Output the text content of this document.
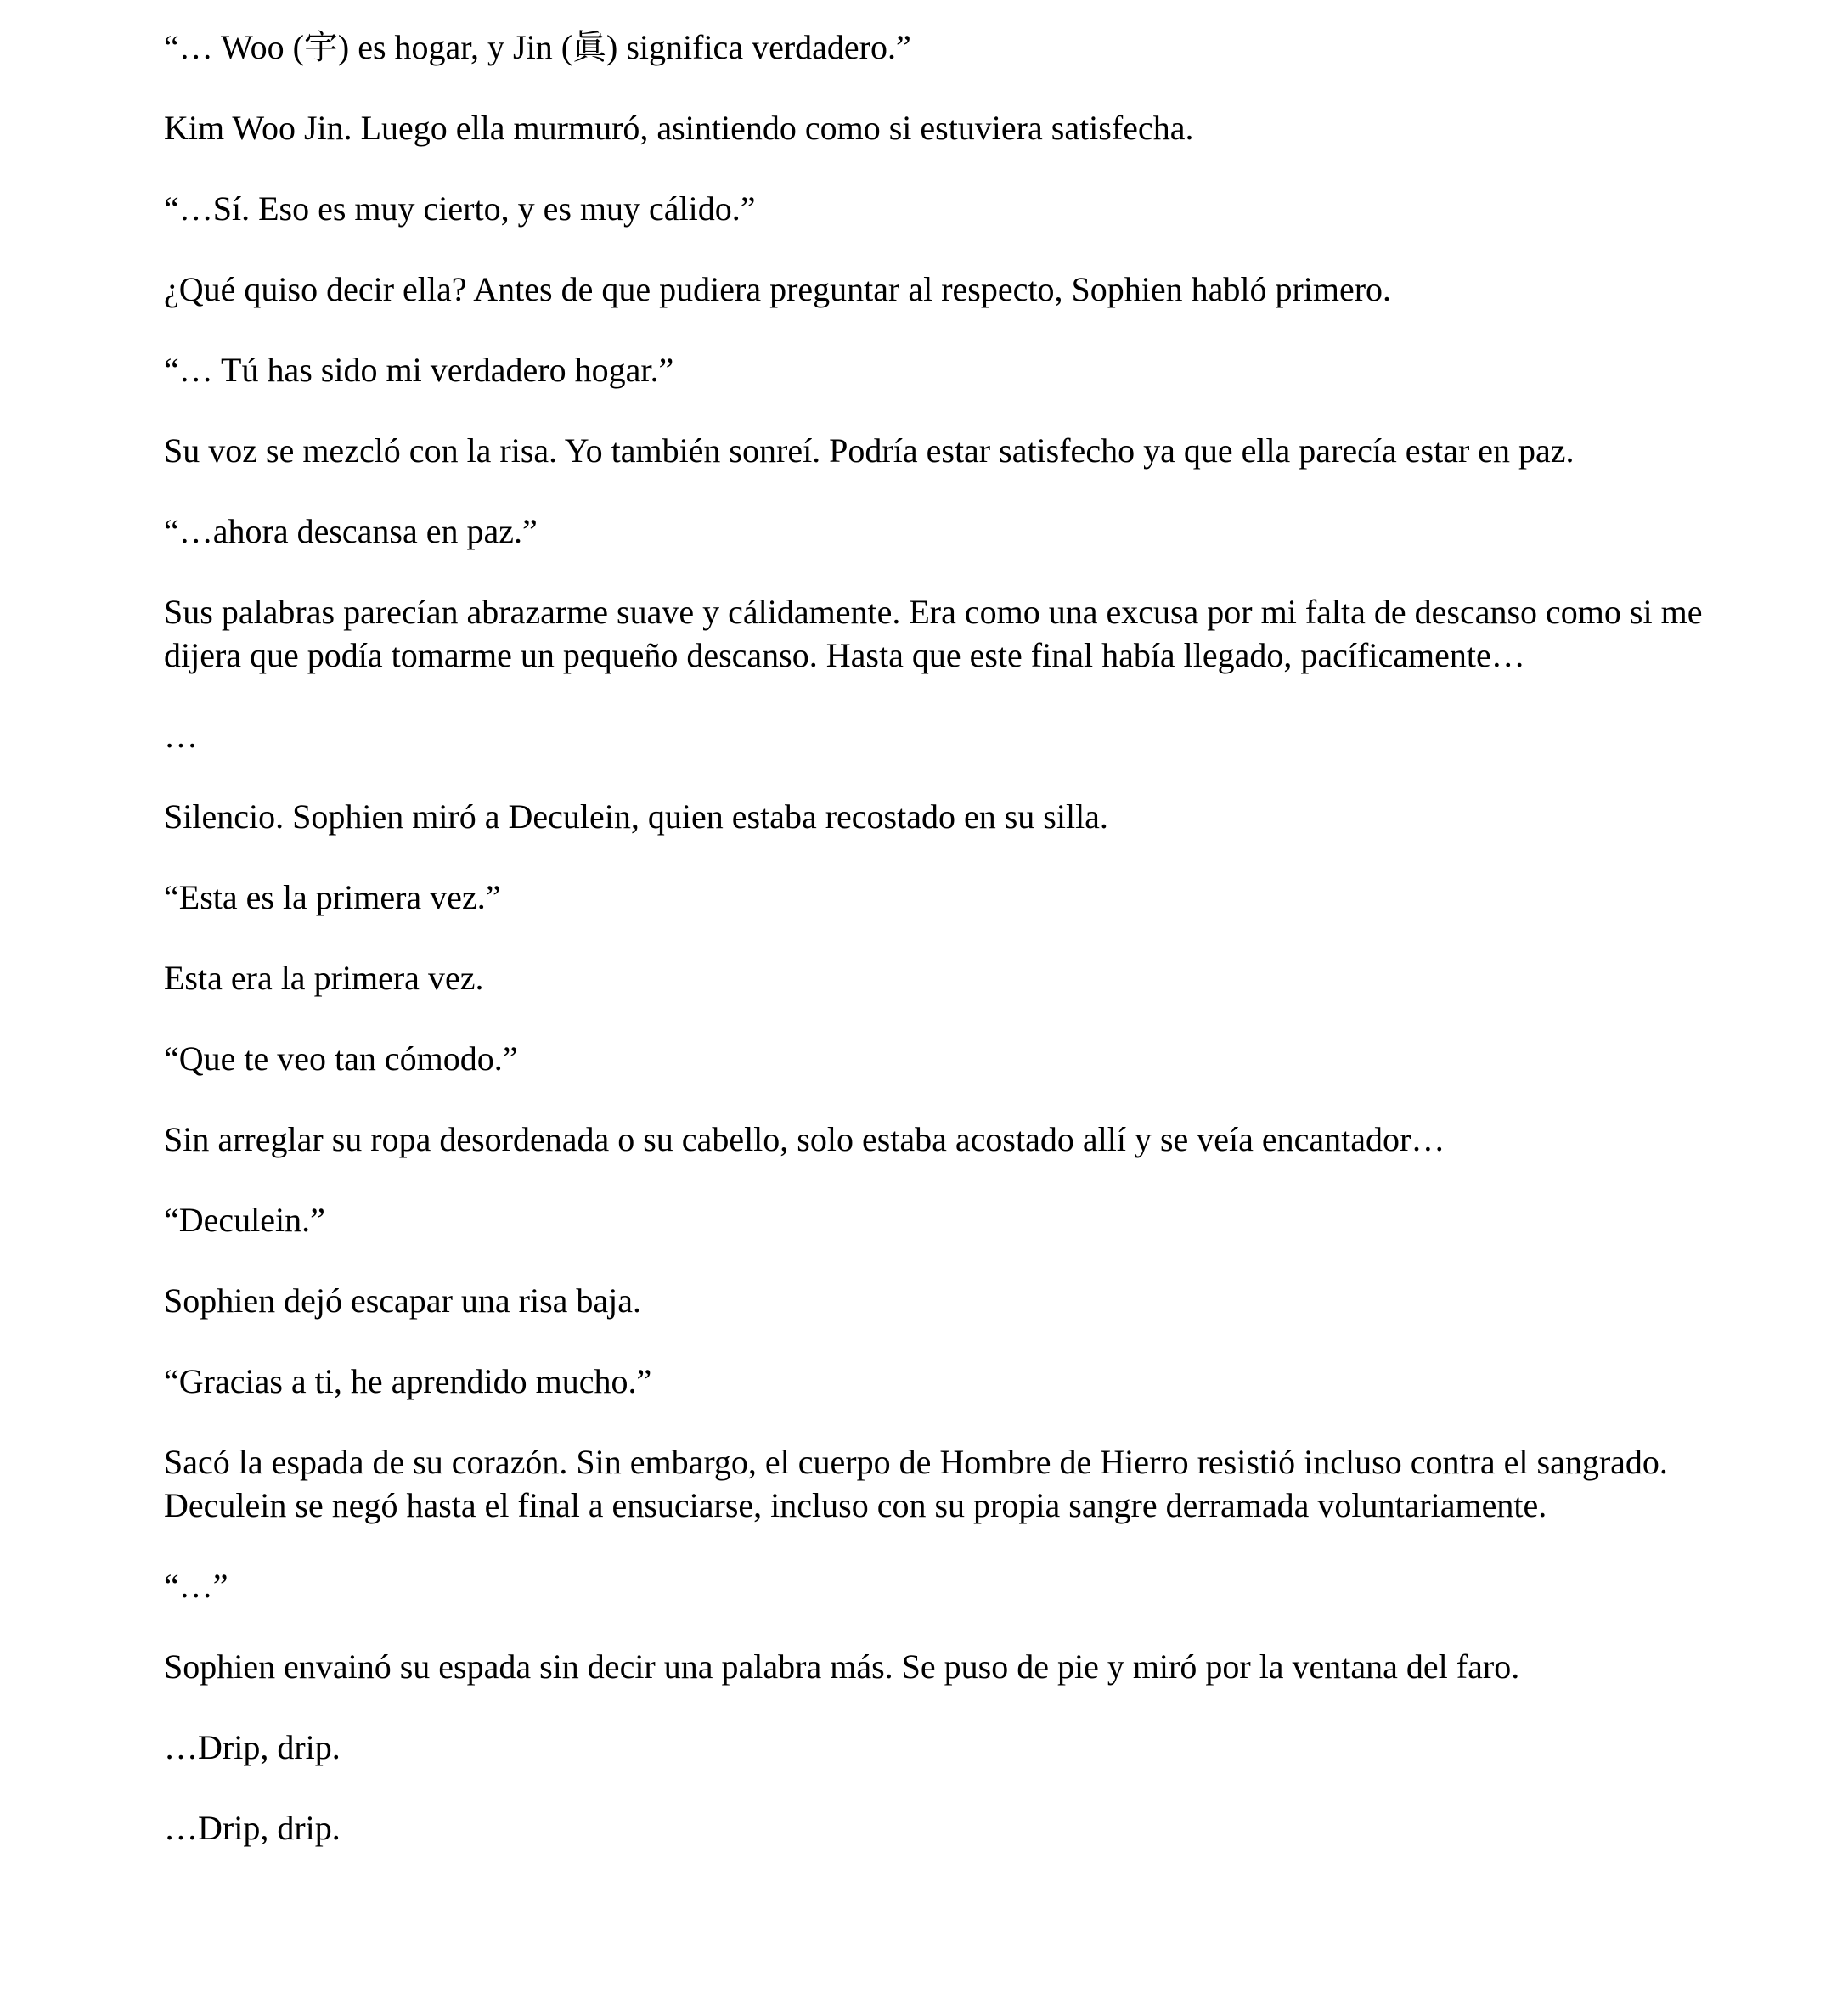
“… Woo (宇) es hogar, y Jin (眞) significa verdadero.”

Kim Woo Jin. Luego ella murmuró, asintiendo como si estuviera satisfecha.

“…Sí. Eso es muy cierto, y es muy cálido.”

¿Qué quiso decir ella? Antes de que pudiera preguntar al respecto, Sophien habló primero.

“… Tú has sido mi verdadero hogar.”

Su voz se mezcló con la risa. Yo también sonreí. Podría estar satisfecho ya que ella parecía estar en paz.

“…ahora descansa en paz.”

Sus palabras parecían abrazarme suave y cálidamente. Era como una excusa por mi falta de descanso como si me dijera que podía tomarme un pequeño descanso. Hasta que este final había llegado, pacíficamente…

…

Silencio. Sophien miró a Deculein, quien estaba recostado en su silla.

“Esta es la primera vez.”

Esta era la primera vez.

“Que te veo tan cómodo.”

Sin arreglar su ropa desordenada o su cabello, solo estaba acostado allí y se veía encantador…

“Deculein.”

Sophien dejó escapar una risa baja.

“Gracias a ti, he aprendido mucho.”

Sacó la espada de su corazón. Sin embargo, el cuerpo de Hombre de Hierro resistió incluso contra el sangrado. Deculein se negó hasta el final a ensuciarse, incluso con su propia sangre derramada voluntariamente.

“…”

Sophien envainó su espada sin decir una palabra más. Se puso de pie y miró por la ventana del faro.

…Drip, drip.

…Drip, drip.
